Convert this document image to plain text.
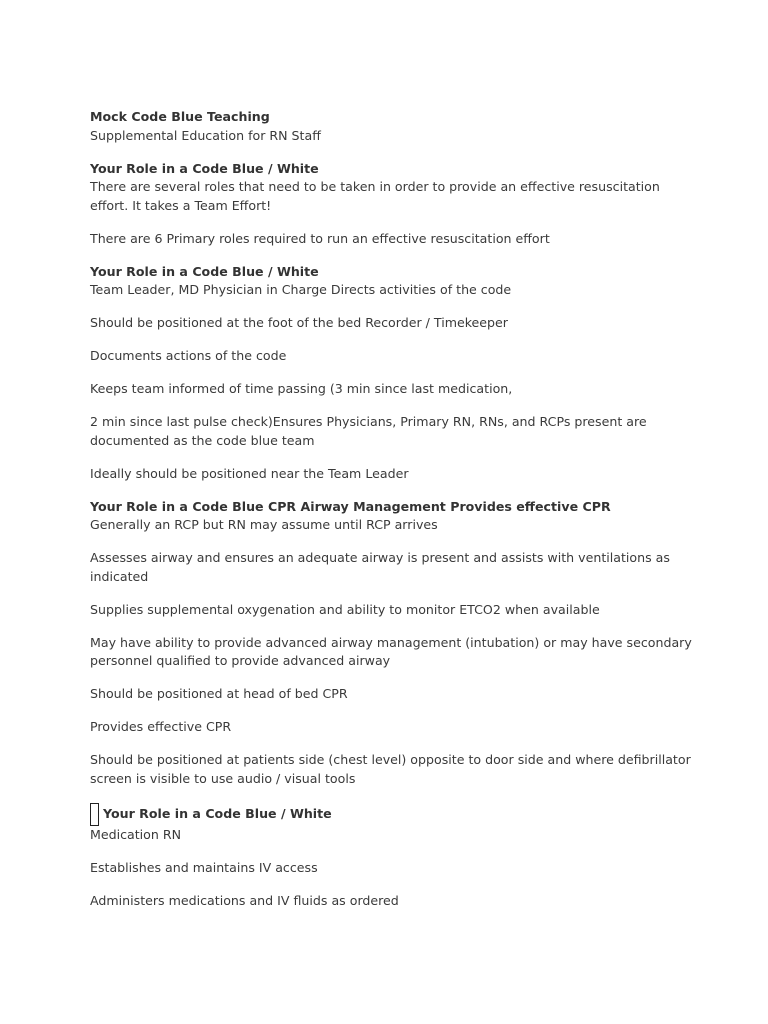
Mock Code Blue Teaching
Supplemental Education for RN Staff
Your Role in a Code Blue / White
There are several roles that need to be taken in order to provide an effective resuscitation
effort. It takes a Team Effort!
There are 6 Primary roles required to run an effective resuscitation effort
Your Role in a Code Blue / White
Team Leader, MD Physician in Charge Directs activities of the code
Should be positioned at the foot of the bed Recorder / Timekeeper
Documents actions of the code
Keeps team informed of time passing (3 min since last medication,
2 min since last pulse check)Ensures Physicians, Primary RN, RNs, and RCPs present are
documented as the code blue team
Ideally should be positioned near the Team Leader
Your Role in a Code Blue CPR Airway Management Provides effective CPR
Generally an RCP but RN may assume until RCP arrives
Assesses airway and ensures an adequate airway is present and assists with ventilations as
indicated
Supplies supplemental oxygenation and ability to monitor ETCO2 when available
May have ability to provide advanced airway management (intubation) or may have secondary
personnel qualified to provide advanced airway
Should be positioned at head of bed CPR
Provides effective CPR
Should be positioned at patients side (chest level) opposite to door side and where defibrillator
screen is visible to use audio / visual tools
Your Role in a Code Blue / White
Medication RN
Establishes and maintains IV access
Administers medications and IV fluids as ordered
